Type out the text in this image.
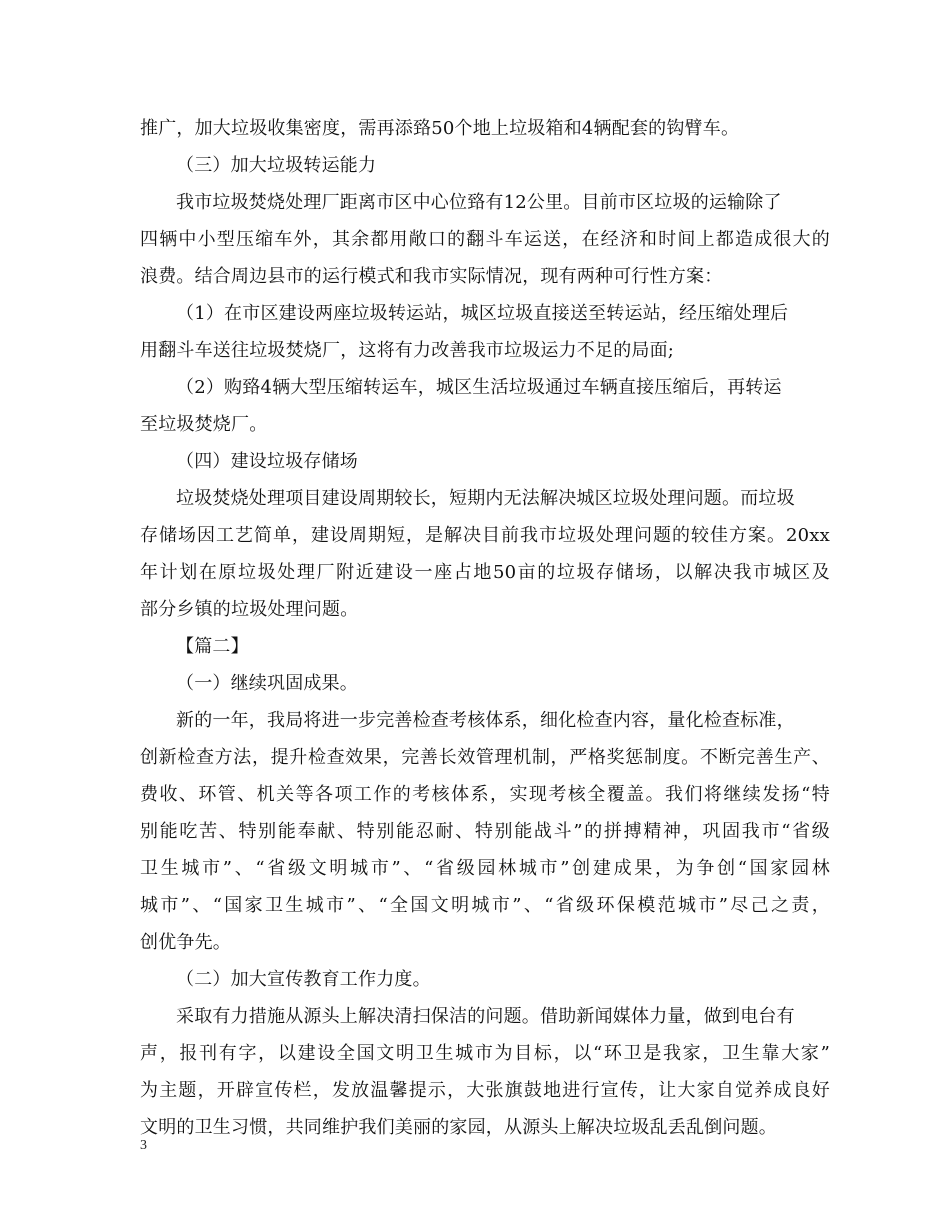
推广，加大垃圾收集密度，需再添臵50个地上垃圾箱和4辆配套的钩臂车。
（三）加大垃圾转运能力
我市垃圾焚烧处理厂距离市区中心位臵有12公里。目前市区垃圾的运输除了
四辆中小型压缩车外，其余都用敞口的翻斗车运送，在经济和时间上都造成很大的
浪费。结合周边县市的运行模式和我市实际情况，现有两种可行性方案：
（1）在市区建设两座垃圾转运站，城区垃圾直接送至转运站，经压缩处理后
用翻斗车送往垃圾焚烧厂，这将有力改善我市垃圾运力不足的局面;
（2）购臵4辆大型压缩转运车，城区生活垃圾通过车辆直接压缩后，再转运
至垃圾焚烧厂。
（四）建设垃圾存储场
垃圾焚烧处理项目建设周期较长，短期内无法解决城区垃圾处理问题。而垃圾
存储场因工艺简单，建设周期短，是解决目前我市垃圾处理问题的较佳方案。20xx
年计划在原垃圾处理厂附近建设一座占地50亩的垃圾存储场，以解决我市城区及
部分乡镇的垃圾处理问题。
【篇二】
（一）继续巩固成果。
新的一年，我局将进一步完善检查考核体系，细化检查内容，量化检查标准，
创新检查方法，提升检查效果，完善长效管理机制，严格奖惩制度。不断完善生产、
费收、环管、机关等各项工作的考核体系，实现考核全覆盖。我们将继续发扬“特
别能吃苦、特别能奉献、特别能忍耐、特别能战斗”的拼搏精神，巩固我市“省级
卫生城市”、“省级文明城市”、“省级园林城市”创建成果，为争创“国家园林
城市”、“国家卫生城市”、“全国文明城市”、“省级环保模范城市”尽己之责，
创优争先。
（二）加大宣传教育工作力度。
采取有力措施从源头上解决清扫保洁的问题。借助新闻媒体力量，做到电台有
声，报刊有字，以建设全国文明卫生城市为目标，以“环卫是我家，卫生靠大家”
为主题，开辟宣传栏，发放温馨提示，大张旗鼓地进行宣传，让大家自觉养成良好
文明的卫生习惯，共同维护我们美丽的家园，从源头上解决垃圾乱丢乱倒问题。
3
